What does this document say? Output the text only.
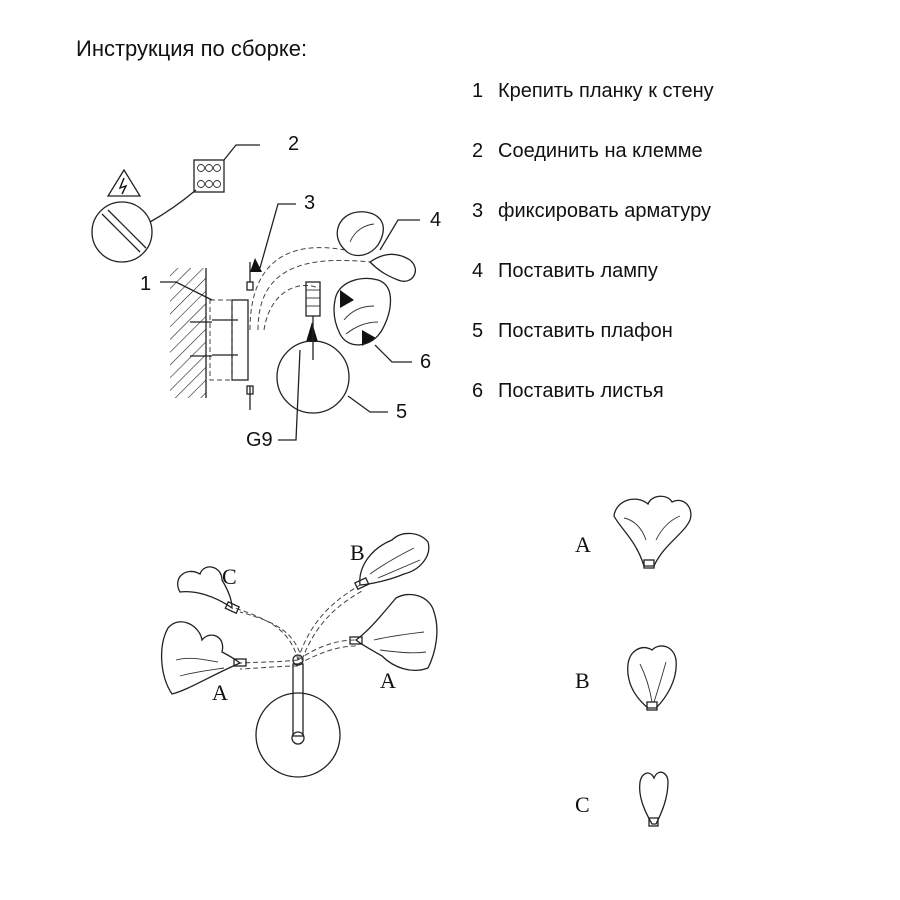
Инструкция по сборке:
1 Крепить планку к стену
2 Соединить на клемме
3 фиксировать арматуру
4 Поставить лампу
5 Поставить плафон
6 Поставить листья
2
3
4
1
6
5
G9
C
B
A	A
A
B
C
